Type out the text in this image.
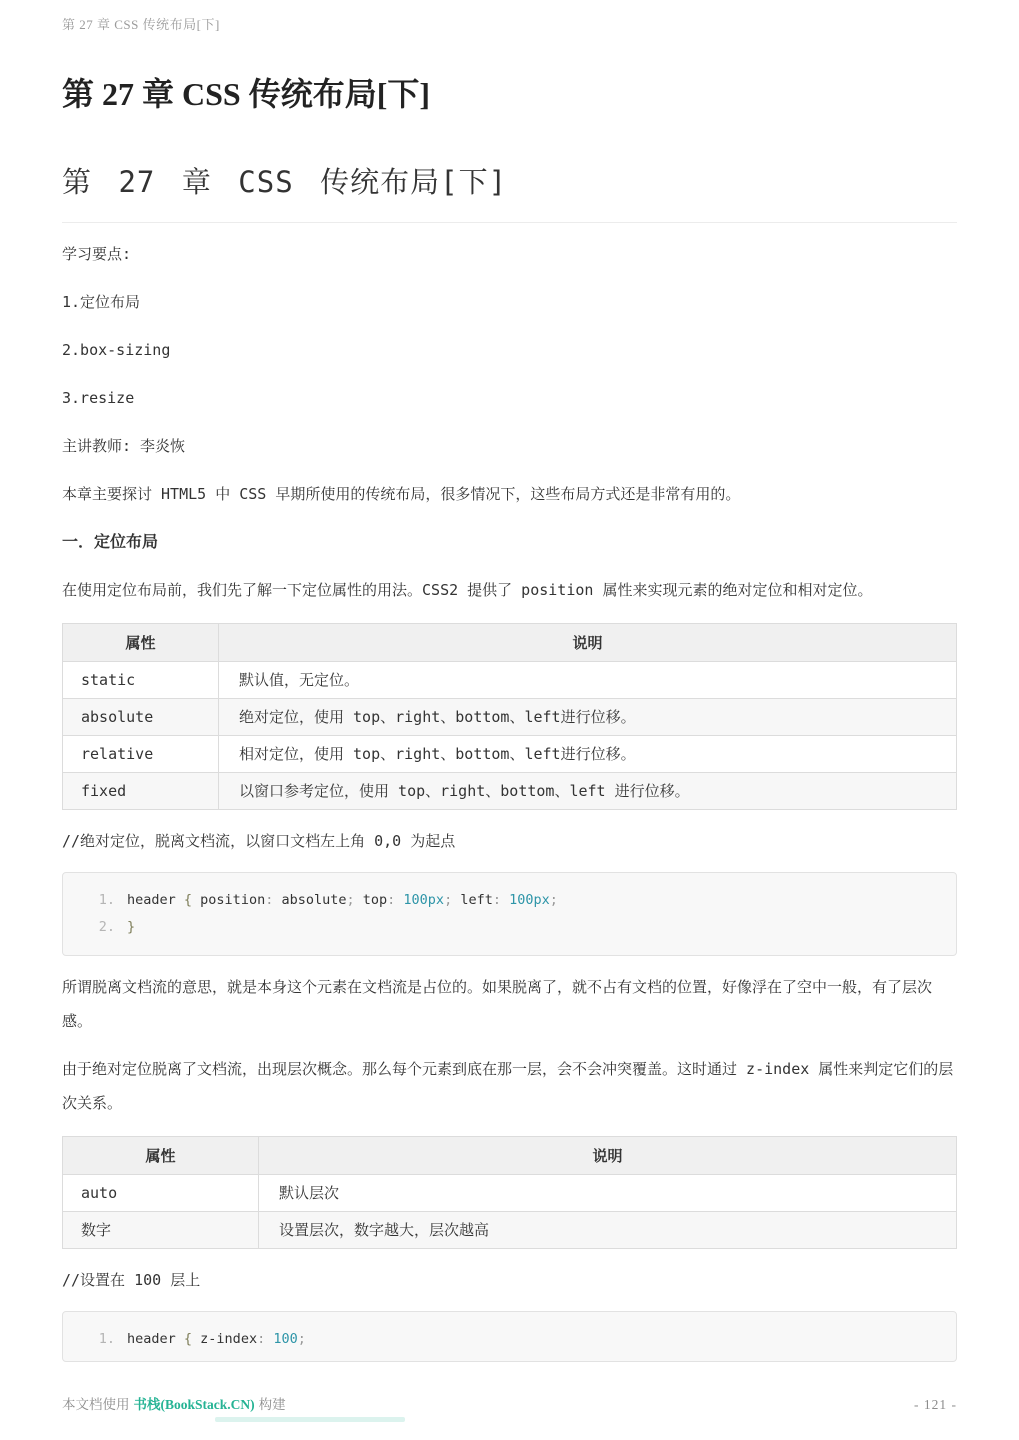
第 27 章 CSS 传统布局[下]
第 27 章 CSS 传统布局[下]
第 27 章 CSS 传统布局[下]

学习要点:

1.定位布局

2.box-sizing

3.resize

主讲教师: 李炎恢

本章主要探讨 HTML5 中 CSS 早期所使用的传统布局，很多情况下，这些布局方式还是非常有用的。

一．定位布局

在使用定位布局前，我们先了解一下定位属性的用法。CSS2 提供了 position 属性来实现元素的绝对定位和相对定位。

属性	说明
static	默认值，无定位。
absolute	绝对定位，使用 top、right、bottom、left进行位移。
relative	相对定位，使用 top、right、bottom、left进行位移。
fixed	以窗口参考定位，使用 top、right、bottom、left 进行位移。

//绝对定位，脱离文档流，以窗口文档左上角 0,0 为起点

1. header { position: absolute; top: 100px; left: 100px;
2. }

所谓脱离文档流的意思，就是本身这个元素在文档流是占位的。如果脱离了，就不占有文档的位置，好像浮在了空中一般，有了层次感。

由于绝对定位脱离了文档流，出现层次概念。那么每个元素到底在那一层，会不会冲突覆盖。这时通过 z-index 属性来判定它们的层次关系。

属性	说明
auto	默认层次
数字	设置层次，数字越大，层次越高

//设置在 100 层上

1. header { z-index: 100;
本文档使用 书栈(BookStack.CN) 构建	- 121 -
